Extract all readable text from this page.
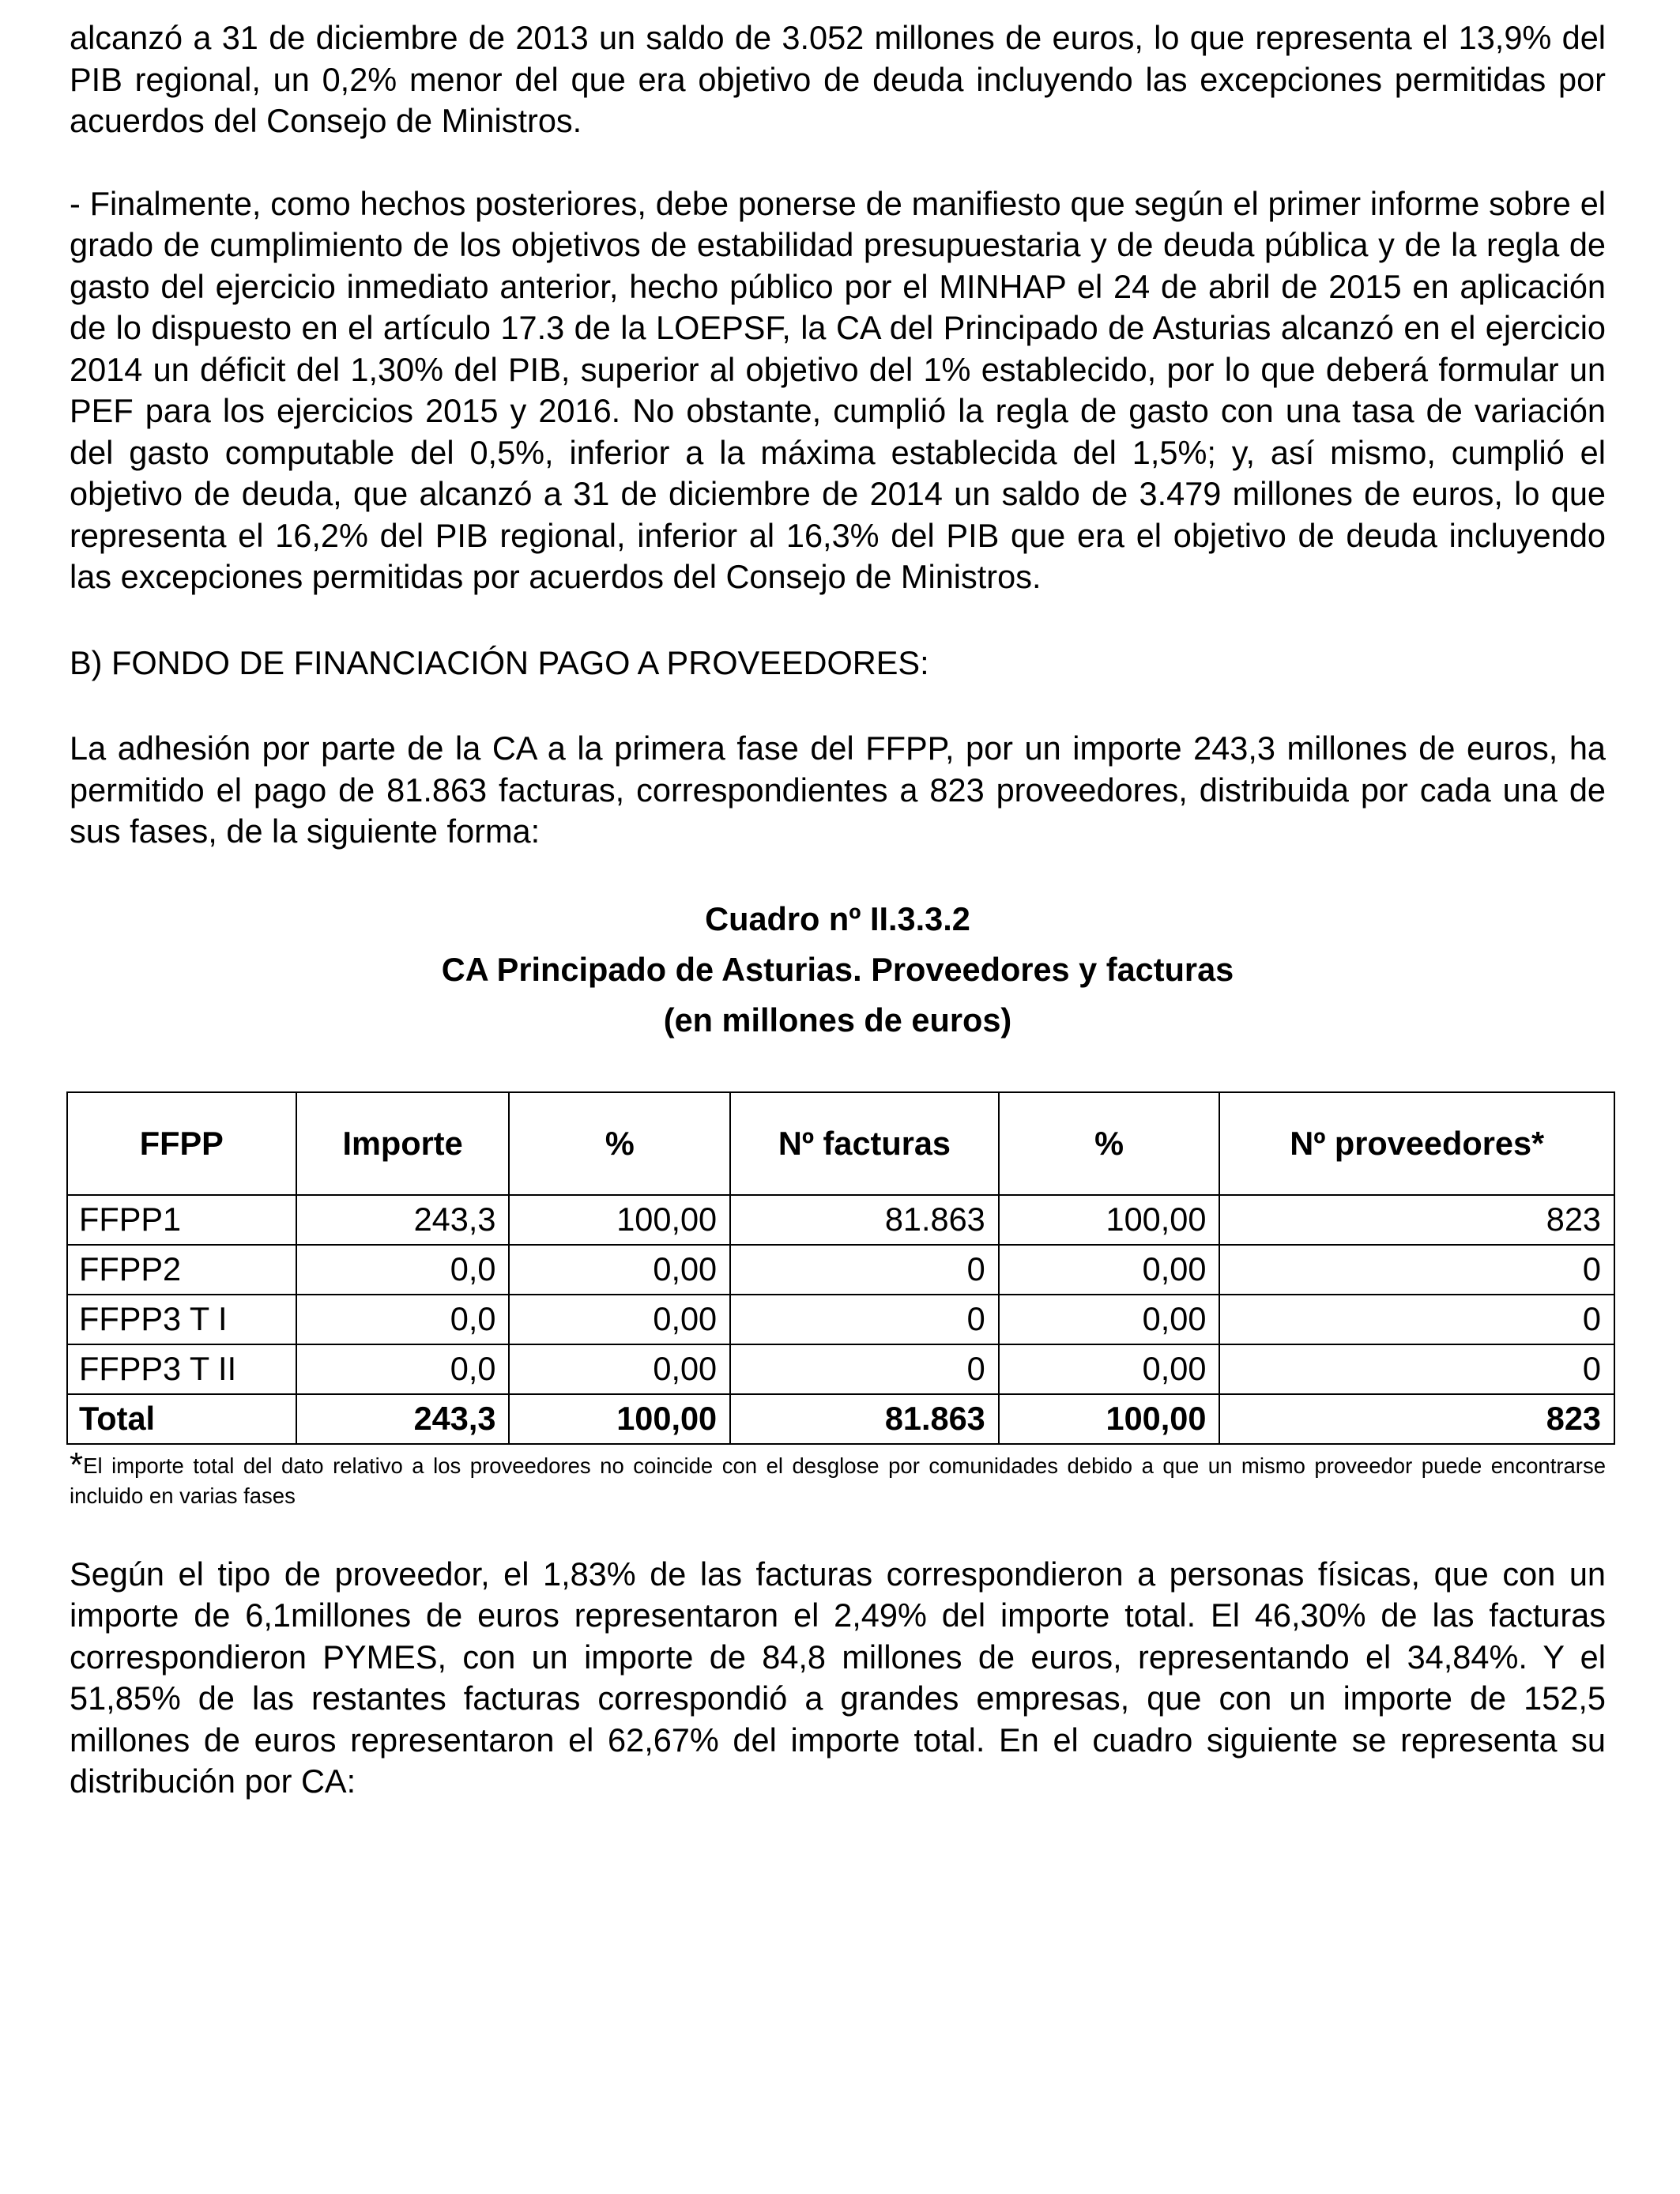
alcanzó a 31 de diciembre de 2013 un saldo de 3.052 millones de euros, lo que representa el 13,9% del PIB regional, un 0,2% menor del que era objetivo de deuda incluyendo las excepciones permitidas por acuerdos del Consejo de Ministros.

- Finalmente, como hechos posteriores, debe ponerse de manifiesto que según el primer informe sobre el grado de cumplimiento de los objetivos de estabilidad presupuestaria y de deuda pública y de la regla de gasto del ejercicio inmediato anterior, hecho público por el MINHAP el 24 de abril de 2015 en aplicación de lo dispuesto en el artículo 17.3 de la LOEPSF, la CA del Principado de Asturias alcanzó en el ejercicio 2014 un déficit del 1,30% del PIB, superior al objetivo del 1% establecido, por lo que deberá formular un PEF para los ejercicios 2015 y 2016. No obstante, cumplió la regla de gasto con una tasa de variación del gasto computable del 0,5%, inferior a la máxima establecida del 1,5%; y, así mismo, cumplió el objetivo de deuda, que alcanzó a 31 de diciembre de 2014 un saldo de 3.479 millones de euros, lo que representa el 16,2% del PIB regional, inferior al 16,3% del PIB que era el objetivo de deuda incluyendo las excepciones permitidas por acuerdos del Consejo de Ministros.

B) FONDO DE FINANCIACIÓN PAGO A PROVEEDORES:

La adhesión por parte de la CA a la primera fase del FFPP, por un importe 243,3 millones de euros, ha permitido el pago de 81.863 facturas, correspondientes a 823 proveedores, distribuida por cada una de sus fases, de la siguiente forma:

Cuadro nº II.3.3.2
CA Principado de Asturias. Proveedores y facturas
(en millones de euros)
FFPP	Importe	%	Nº facturas	%	Nº proveedores*
FFPP1	243,3	100,00	81.863	100,00	823
FFPP2	0,0	0,00	0	0,00	0
FFPP3 T I	0,0	0,00	0	0,00	0
FFPP3 T II	0,0	0,00	0	0,00	0
Total	243,3	100,00	81.863	100,00	823
*El importe total del dato relativo a los proveedores no coincide con el desglose por comunidades debido a que un mismo proveedor puede encontrarse incluido en varias fases

Según el tipo de proveedor, el 1,83% de las facturas correspondieron a personas físicas, que con un importe de 6,1millones de euros representaron el 2,49% del importe total. El 46,30% de las facturas correspondieron PYMES, con un importe de 84,8 millones de euros, representando el 34,84%. Y el 51,85% de las restantes facturas correspondió a grandes empresas, que con un importe de 152,5 millones de euros representaron el 62,67% del importe total. En el cuadro siguiente se representa su distribución por CA:
